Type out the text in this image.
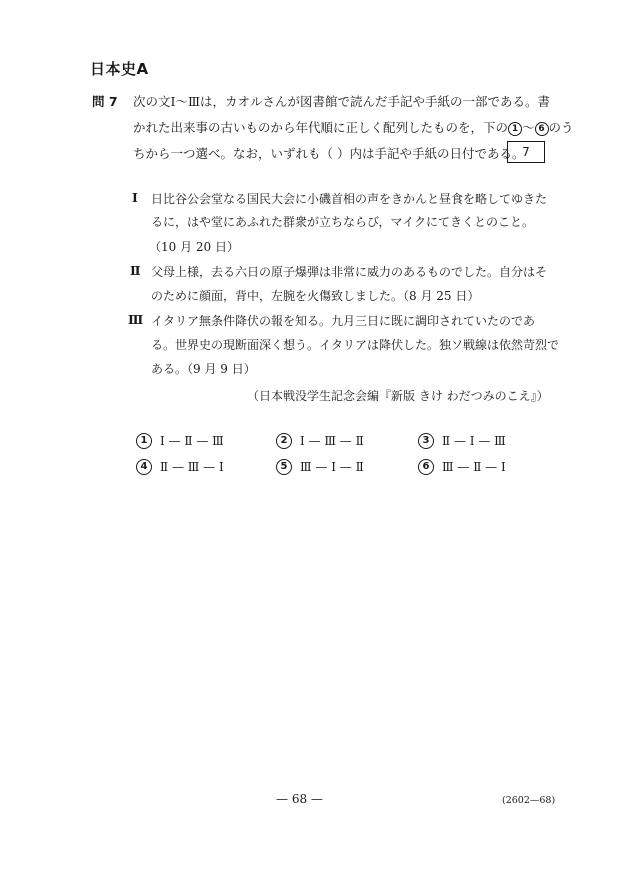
日本史A
問 7 次の文Ⅰ～Ⅲは，カオルさんが図書館で読んだ手記や手紙の一部である。書
かれた出来事の古いものから年代順に正しく配列したものを，下の 1 ～ 6 のう
ちから一つ選べ。なお，いずれも（ ）内は手記や手紙の日付である。
7
Ⅰ 日比谷公会堂なる国民大会に小磯首相の声をきかんと昼食を略してゆきた
るに，はや堂にあふれた群衆が立ちならび，マイクにてきくとのこと。
（10 月 20 日）
Ⅱ 父母上様，去る六日の原子爆弾は非常に威力のあるものでした。自分はそ
のために顔面，背中，左腕を火傷致しました。（8 月 25 日）
Ⅲ イタリア無条件降伏の報を知る。九月三日に既に調印されていたのであ
る。世界史の現断面深く想う。イタリアは降伏した。独ソ戦線は依然苛烈で
ある。（9 月 9 日）
（日本戦没学生記念会編『新版 きけ わだつみのこえ』）
1	Ⅰ — Ⅱ — Ⅲ	2	Ⅰ — Ⅲ — Ⅱ	3	Ⅱ — Ⅰ — Ⅲ
4	Ⅱ — Ⅲ — Ⅰ	5	Ⅲ — Ⅰ — Ⅱ	6	Ⅲ — Ⅱ — Ⅰ
— 68 —	(2602—68)
